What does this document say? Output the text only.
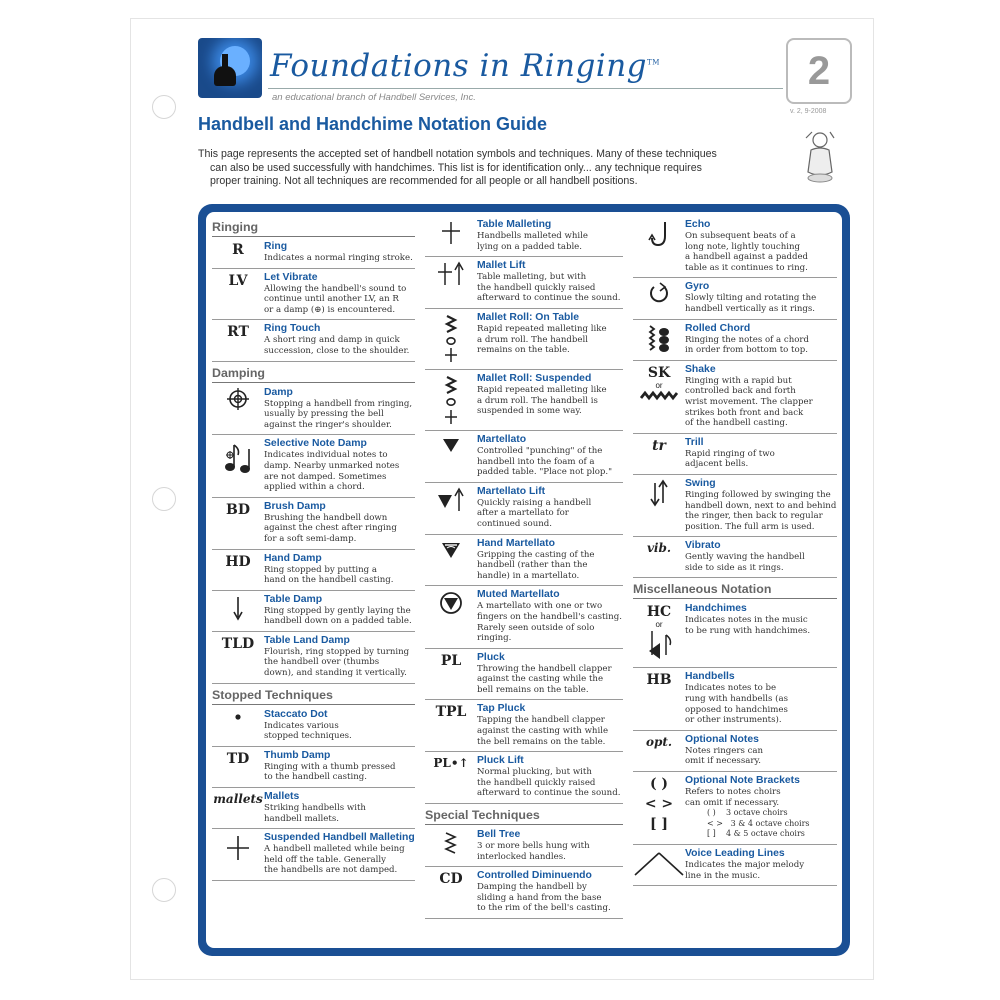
Foundations in Ringing™
an educational branch of Handbell Services, Inc.
2
v. 2, 9-2008
Handbell and Handchime Notation Guide
This page represents the accepted set of handbell notation symbols and techniques. Many of these techniques
can also be used successfully with handchimes. This list is for identification only... any technique requires
proper training. Not all techniques are recommended for all people or all handbell positions.
Ringing
R	Ring
Indicates a normal ringing stroke.
LV	Let Vibrate
Allowing the handbell's sound to
continue until another LV, an R
or a damp (⊕) is encountered.
RT	Ring Touch
A short ring and damp in quick
succession, close to the shoulder.
Damping
Damp
Stopping a handbell from ringing,
usually by pressing the bell
against the ringer's shoulder.
Selective Note Damp
Indicates individual notes to
damp. Nearby unmarked notes
are not damped. Sometimes
applied within a chord.
BD	Brush Damp
Brushing the handbell down
against the chest after ringing
for a soft semi-damp.
HD	Hand Damp
Ring stopped by putting a
hand on the handbell casting.
Table Damp
Ring stopped by gently laying the
handbell down on a padded table.
TLD Table Land Damp
Flourish, ring stopped by turning
the handbell over (thumbs
down), and standing it vertically.
Stopped Techniques
Staccato Dot
Indicates various
stopped techniques.
TD	Thumb Damp
Ringing with a thumb pressed
to the handbell casting.
mallets Mallets
Striking handbells with
handbell mallets.
Suspended Handbell Malleting
A handbell malleted while being
held off the table. Generally
the handbells are not damped.
Table Malleting
Handbells malleted while
lying on a padded table.
Mallet Lift
Table malleting, but with
the handbell quickly raised
afterward to continue the sound.
Mallet Roll: On Table
Rapid repeated malleting like
a drum roll. The handbell
remains on the table.
Mallet Roll: Suspended
Rapid repeated malleting like
a drum roll. The handbell is
suspended in some way.
Martellato
Controlled "punching" of the
handbell into the foam of a
padded table. "Place not plop."
Martellato Lift
Quickly raising a handbell
after a martellato for
continued sound.
Hand Martellato
Gripping the casting of the
handbell (rather than the
handle) in a martellato.
Muted Martellato
A martellato with one or two
fingers on the handbell's casting.
Rarely seen outside of solo ringing.
PL	Pluck
Throwing the handbell clapper
against the casting while the
bell remains on the table.
TPL	Tap Pluck
Tapping the handbell clapper
against the casting with while
the bell remains on the table.
PL•↑ Pluck Lift
Normal plucking, but with
the handbell quickly raised
afterward to continue the sound.
Special Techniques
Bell Tree
3 or more bells hung with
interlocked handles.
CD	Controlled Diminuendo
Damping the handbell by
sliding a hand from the base
to the rim of the bell's casting.
Echo
On subsequent beats of a
long note, lightly touching
a handbell against a padded
table as it continues to ring.
Gyro
Slowly tilting and rotating the
handbell vertically as it rings.
Rolled Chord
Ringing the notes of a chord
in order from bottom to top.
SK
or
Shake
Ringing with a rapid but
controlled back and forth
wrist movement. The clapper
strikes both front and back
of the handbell casting.
tr	Trill
Rapid ringing of two
adjacent bells.
Swing
Ringing followed by swinging the
handbell down, next to and behind
the ringer, then back to regular
position. The full arm is used.
vib.	Vibrato
Gently waving the handbell
side to side as it rings.
Miscellaneous Notation
HC
or
Handchimes
Indicates notes in the music
to be rung with handchimes.
HB	Handbells
Indicates notes to be
rung with handbells (as
opposed to handchimes
or other instruments).
opt.	Optional Notes
Notes ringers can
omit if necessary.
( )
< >
[ ]
Optional Note Brackets
Refers to notes choirs
can omit if necessary.
( )    3 octave choirs
< >   3 & 4 octave choirs
[ ]    4 & 5 octave choirs
Voice Leading Lines
Indicates the major melody
line in the music.
